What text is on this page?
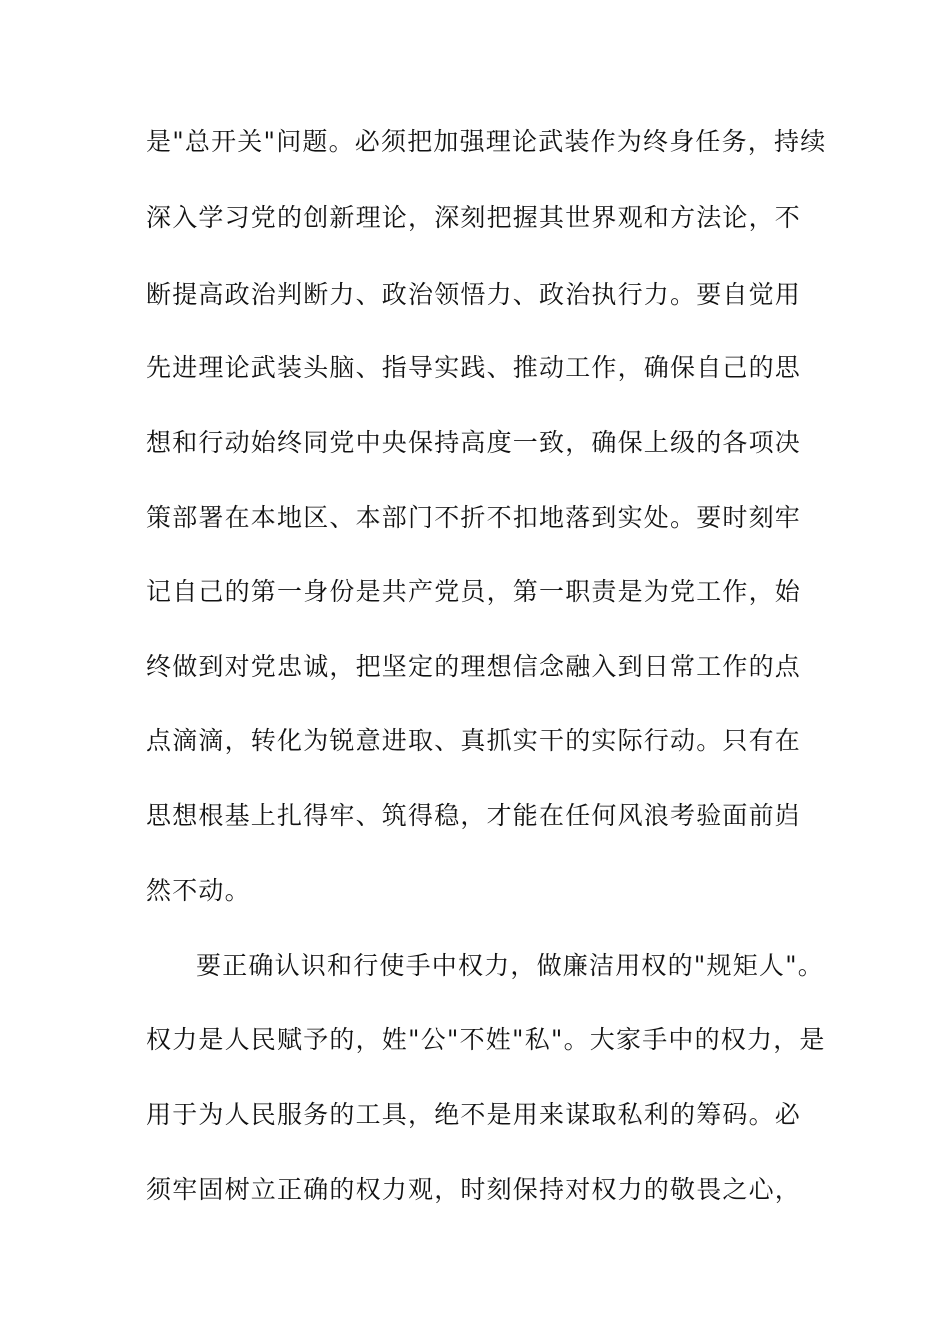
是"总开关"问题。必须把加强理论武装作为终身任务，持续
深入学习党的创新理论，深刻把握其世界观和方法论，不
断提高政治判断力、政治领悟力、政治执行力。要自觉用
先进理论武装头脑、指导实践、推动工作，确保自己的思
想和行动始终同党中央保持高度一致，确保上级的各项决
策部署在本地区、本部门不折不扣地落到实处。要时刻牢
记自己的第一身份是共产党员，第一职责是为党工作，始
终做到对党忠诚，把坚定的理想信念融入到日常工作的点
点滴滴，转化为锐意进取、真抓实干的实际行动。只有在
思想根基上扎得牢、筑得稳，才能在任何风浪考验面前岿
然不动。
要正确认识和行使手中权力，做廉洁用权的"规矩人"。
权力是人民赋予的，姓"公"不姓"私"。大家手中的权力，是
用于为人民服务的工具，绝不是用来谋取私利的筹码。必
须牢固树立正确的权力观，时刻保持对权力的敬畏之心，
